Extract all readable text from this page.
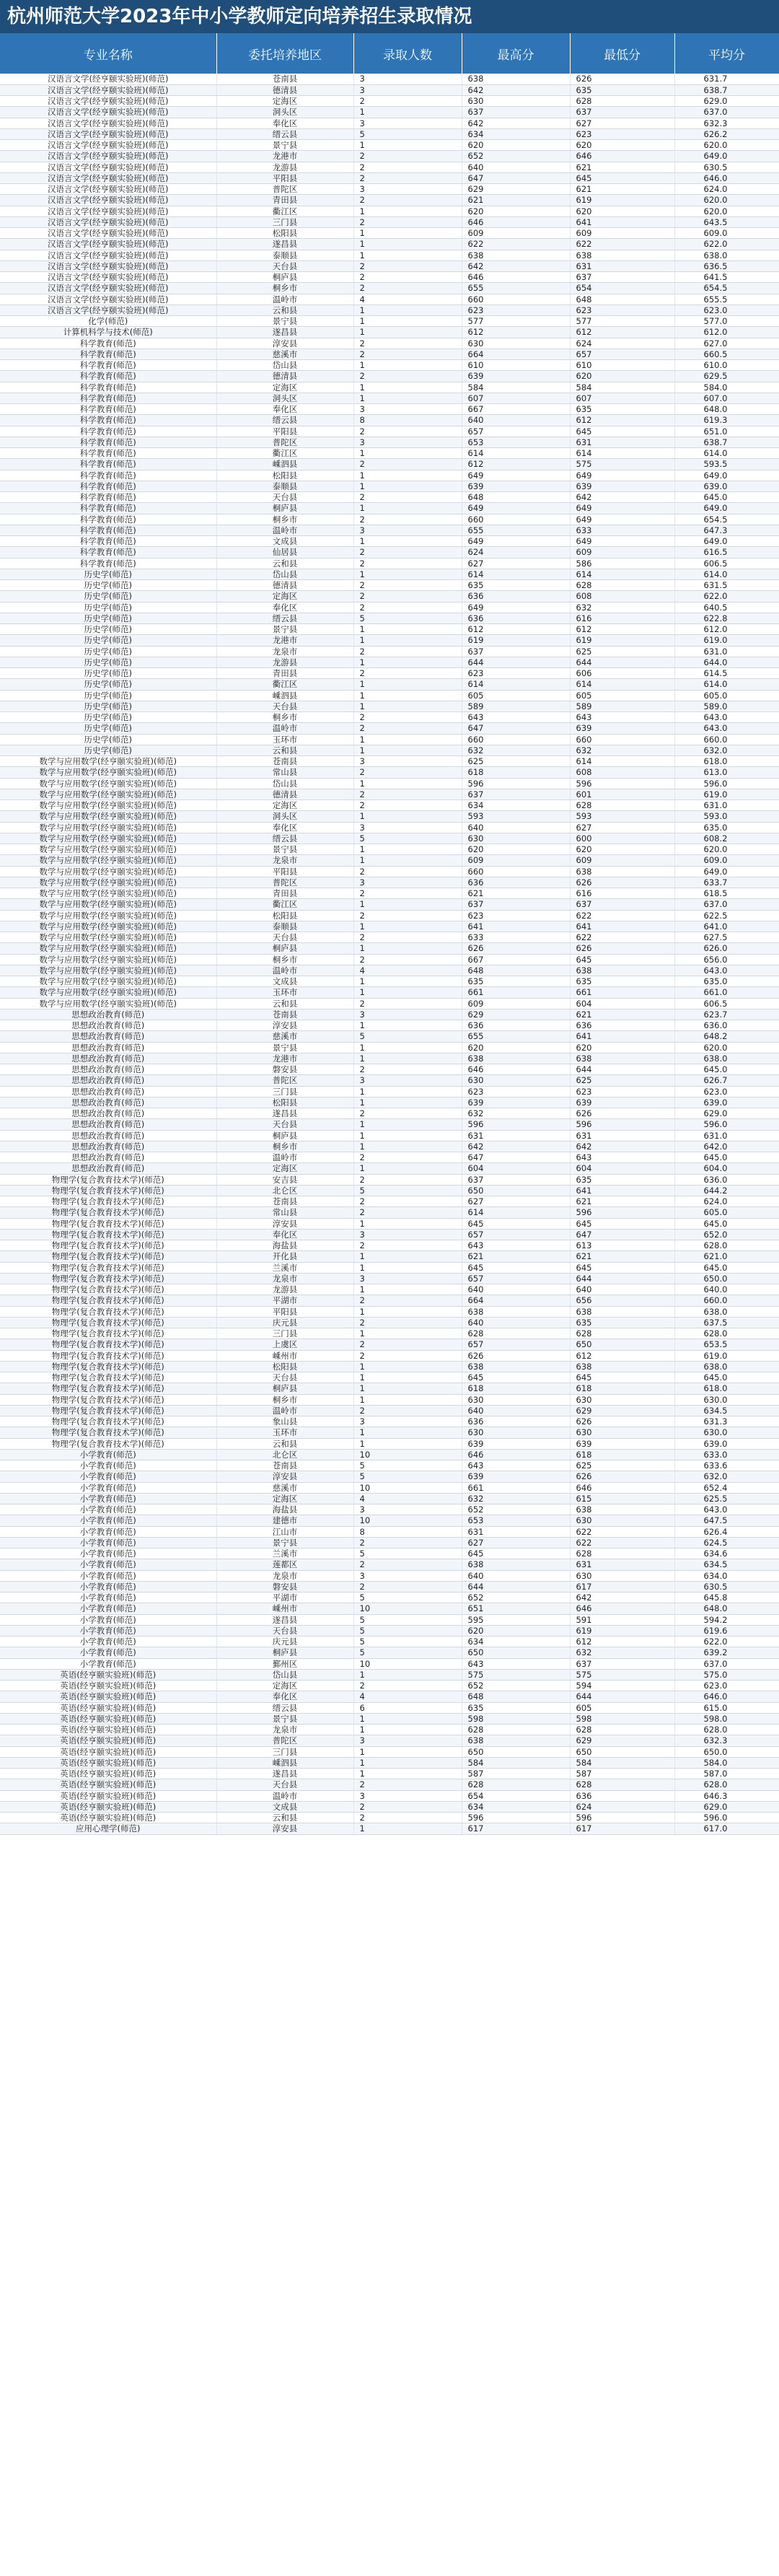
杭州师范大学2023年中小学教师定向培养招生录取情况
专业名称	委托培养地区	录取人数	最高分	最低分	平均分
汉语言文学(经亨颐实验班)(师范)	苍南县	3	638	626	631.7
汉语言文学(经亨颐实验班)(师范)	德清县	3	642	635	638.7
汉语言文学(经亨颐实验班)(师范)	定海区	2	630	628	629.0
汉语言文学(经亨颐实验班)(师范)	洞头区	1	637	637	637.0
汉语言文学(经亨颐实验班)(师范)	奉化区	3	642	627	632.3
汉语言文学(经亨颐实验班)(师范)	缙云县	5	634	623	626.2
汉语言文学(经亨颐实验班)(师范)	景宁县	1	620	620	620.0
汉语言文学(经亨颐实验班)(师范)	龙港市	2	652	646	649.0
汉语言文学(经亨颐实验班)(师范)	龙游县	2	640	621	630.5
汉语言文学(经亨颐实验班)(师范)	平阳县	2	647	645	646.0
汉语言文学(经亨颐实验班)(师范)	普陀区	3	629	621	624.0
汉语言文学(经亨颐实验班)(师范)	青田县	2	621	619	620.0
汉语言文学(经亨颐实验班)(师范)	衢江区	1	620	620	620.0
汉语言文学(经亨颐实验班)(师范)	三门县	2	646	641	643.5
汉语言文学(经亨颐实验班)(师范)	松阳县	1	609	609	609.0
汉语言文学(经亨颐实验班)(师范)	遂昌县	1	622	622	622.0
汉语言文学(经亨颐实验班)(师范)	泰顺县	1	638	638	638.0
汉语言文学(经亨颐实验班)(师范)	天台县	2	642	631	636.5
汉语言文学(经亨颐实验班)(师范)	桐庐县	2	646	637	641.5
汉语言文学(经亨颐实验班)(师范)	桐乡市	2	655	654	654.5
汉语言文学(经亨颐实验班)(师范)	温岭市	4	660	648	655.5
汉语言文学(经亨颐实验班)(师范)	云和县	1	623	623	623.0
化学(师范)	景宁县	1	577	577	577.0
计算机科学与技术(师范)	遂昌县	1	612	612	612.0
科学教育(师范)	淳安县	2	630	624	627.0
科学教育(师范)	慈溪市	2	664	657	660.5
科学教育(师范)	岱山县	1	610	610	610.0
科学教育(师范)	德清县	2	639	620	629.5
科学教育(师范)	定海区	1	584	584	584.0
科学教育(师范)	洞头区	1	607	607	607.0
科学教育(师范)	奉化区	3	667	635	648.0
科学教育(师范)	缙云县	8	640	612	619.3
科学教育(师范)	平阳县	2	657	645	651.0
科学教育(师范)	普陀区	3	653	631	638.7
科学教育(师范)	衢江区	1	614	614	614.0
科学教育(师范)	嵊泗县	2	612	575	593.5
科学教育(师范)	松阳县	1	649	649	649.0
科学教育(师范)	泰顺县	1	639	639	639.0
科学教育(师范)	天台县	2	648	642	645.0
科学教育(师范)	桐庐县	1	649	649	649.0
科学教育(师范)	桐乡市	2	660	649	654.5
科学教育(师范)	温岭市	3	655	633	647.3
科学教育(师范)	文成县	1	649	649	649.0
科学教育(师范)	仙居县	2	624	609	616.5
科学教育(师范)	云和县	2	627	586	606.5
历史学(师范)	岱山县	1	614	614	614.0
历史学(师范)	德清县	2	635	628	631.5
历史学(师范)	定海区	2	636	608	622.0
历史学(师范)	奉化区	2	649	632	640.5
历史学(师范)	缙云县	5	636	616	622.8
历史学(师范)	景宁县	1	612	612	612.0
历史学(师范)	龙港市	1	619	619	619.0
历史学(师范)	龙泉市	2	637	625	631.0
历史学(师范)	龙游县	1	644	644	644.0
历史学(师范)	青田县	2	623	606	614.5
历史学(师范)	衢江区	1	614	614	614.0
历史学(师范)	嵊泗县	1	605	605	605.0
历史学(师范)	天台县	1	589	589	589.0
历史学(师范)	桐乡市	2	643	643	643.0
历史学(师范)	温岭市	2	647	639	643.0
历史学(师范)	玉环市	1	660	660	660.0
历史学(师范)	云和县	1	632	632	632.0
数学与应用数学(经亨颐实验班)(师范)	苍南县	3	625	614	618.0
数学与应用数学(经亨颐实验班)(师范)	常山县	2	618	608	613.0
数学与应用数学(经亨颐实验班)(师范)	岱山县	1	596	596	596.0
数学与应用数学(经亨颐实验班)(师范)	德清县	2	637	601	619.0
数学与应用数学(经亨颐实验班)(师范)	定海区	2	634	628	631.0
数学与应用数学(经亨颐实验班)(师范)	洞头区	1	593	593	593.0
数学与应用数学(经亨颐实验班)(师范)	奉化区	3	640	627	635.0
数学与应用数学(经亨颐实验班)(师范)	缙云县	5	630	600	608.2
数学与应用数学(经亨颐实验班)(师范)	景宁县	1	620	620	620.0
数学与应用数学(经亨颐实验班)(师范)	龙泉市	1	609	609	609.0
数学与应用数学(经亨颐实验班)(师范)	平阳县	2	660	638	649.0
数学与应用数学(经亨颐实验班)(师范)	普陀区	3	636	626	633.7
数学与应用数学(经亨颐实验班)(师范)	青田县	2	621	616	618.5
数学与应用数学(经亨颐实验班)(师范)	衢江区	1	637	637	637.0
数学与应用数学(经亨颐实验班)(师范)	松阳县	2	623	622	622.5
数学与应用数学(经亨颐实验班)(师范)	泰顺县	1	641	641	641.0
数学与应用数学(经亨颐实验班)(师范)	天台县	2	633	622	627.5
数学与应用数学(经亨颐实验班)(师范)	桐庐县	1	626	626	626.0
数学与应用数学(经亨颐实验班)(师范)	桐乡市	2	667	645	656.0
数学与应用数学(经亨颐实验班)(师范)	温岭市	4	648	638	643.0
数学与应用数学(经亨颐实验班)(师范)	文成县	1	635	635	635.0
数学与应用数学(经亨颐实验班)(师范)	玉环市	1	661	661	661.0
数学与应用数学(经亨颐实验班)(师范)	云和县	2	609	604	606.5
思想政治教育(师范)	苍南县	3	629	621	623.7
思想政治教育(师范)	淳安县	1	636	636	636.0
思想政治教育(师范)	慈溪市	5	655	641	648.2
思想政治教育(师范)	景宁县	1	620	620	620.0
思想政治教育(师范)	龙港市	1	638	638	638.0
思想政治教育(师范)	磐安县	2	646	644	645.0
思想政治教育(师范)	普陀区	3	630	625	626.7
思想政治教育(师范)	三门县	1	623	623	623.0
思想政治教育(师范)	松阳县	1	639	639	639.0
思想政治教育(师范)	遂昌县	2	632	626	629.0
思想政治教育(师范)	天台县	1	596	596	596.0
思想政治教育(师范)	桐庐县	1	631	631	631.0
思想政治教育(师范)	桐乡市	1	642	642	642.0
思想政治教育(师范)	温岭市	2	647	643	645.0
思想政治教育(师范)	定海区	1	604	604	604.0
物理学(复合教育技术学)(师范)	安吉县	2	637	635	636.0
物理学(复合教育技术学)(师范)	北仑区	5	650	641	644.2
物理学(复合教育技术学)(师范)	苍南县	2	627	621	624.0
物理学(复合教育技术学)(师范)	常山县	2	614	596	605.0
物理学(复合教育技术学)(师范)	淳安县	1	645	645	645.0
物理学(复合教育技术学)(师范)	奉化区	3	657	647	652.0
物理学(复合教育技术学)(师范)	海盐县	2	643	613	628.0
物理学(复合教育技术学)(师范)	开化县	1	621	621	621.0
物理学(复合教育技术学)(师范)	兰溪市	1	645	645	645.0
物理学(复合教育技术学)(师范)	龙泉市	3	657	644	650.0
物理学(复合教育技术学)(师范)	龙游县	1	640	640	640.0
物理学(复合教育技术学)(师范)	平湖市	2	664	656	660.0
物理学(复合教育技术学)(师范)	平阳县	1	638	638	638.0
物理学(复合教育技术学)(师范)	庆元县	2	640	635	637.5
物理学(复合教育技术学)(师范)	三门县	1	628	628	628.0
物理学(复合教育技术学)(师范)	上虞区	2	657	650	653.5
物理学(复合教育技术学)(师范)	嵊州市	2	626	612	619.0
物理学(复合教育技术学)(师范)	松阳县	1	638	638	638.0
物理学(复合教育技术学)(师范)	天台县	1	645	645	645.0
物理学(复合教育技术学)(师范)	桐庐县	1	618	618	618.0
物理学(复合教育技术学)(师范)	桐乡市	1	630	630	630.0
物理学(复合教育技术学)(师范)	温岭市	2	640	629	634.5
物理学(复合教育技术学)(师范)	象山县	3	636	626	631.3
物理学(复合教育技术学)(师范)	玉环市	1	630	630	630.0
物理学(复合教育技术学)(师范)	云和县	1	639	639	639.0
小学教育(师范)	北仑区	10	646	618	633.0
小学教育(师范)	苍南县	5	643	625	633.6
小学教育(师范)	淳安县	5	639	626	632.0
小学教育(师范)	慈溪市	10	661	646	652.4
小学教育(师范)	定海区	4	632	615	625.5
小学教育(师范)	海盐县	3	652	638	643.0
小学教育(师范)	建德市	10	653	630	647.5
小学教育(师范)	江山市	8	631	622	626.4
小学教育(师范)	景宁县	2	627	622	624.5
小学教育(师范)	兰溪市	5	645	628	634.6
小学教育(师范)	莲都区	2	638	631	634.5
小学教育(师范)	龙泉市	3	640	630	634.0
小学教育(师范)	磐安县	2	644	617	630.5
小学教育(师范)	平湖市	5	652	642	645.8
小学教育(师范)	嵊州市	10	651	646	648.0
小学教育(师范)	遂昌县	5	595	591	594.2
小学教育(师范)	天台县	5	620	619	619.6
小学教育(师范)	庆元县	5	634	612	622.0
小学教育(师范)	桐庐县	5	650	632	639.2
小学教育(师范)	鄞州区	10	643	637	637.0
英语(经亨颐实验班)(师范)	岱山县	1	575	575	575.0
英语(经亨颐实验班)(师范)	定海区	2	652	594	623.0
英语(经亨颐实验班)(师范)	奉化区	4	648	644	646.0
英语(经亨颐实验班)(师范)	缙云县	6	635	605	615.0
英语(经亨颐实验班)(师范)	景宁县	1	598	598	598.0
英语(经亨颐实验班)(师范)	龙泉市	1	628	628	628.0
英语(经亨颐实验班)(师范)	普陀区	3	638	629	632.3
英语(经亨颐实验班)(师范)	三门县	1	650	650	650.0
英语(经亨颐实验班)(师范)	嵊泗县	1	584	584	584.0
英语(经亨颐实验班)(师范)	遂昌县	1	587	587	587.0
英语(经亨颐实验班)(师范)	天台县	2	628	628	628.0
英语(经亨颐实验班)(师范)	温岭市	3	654	636	646.3
英语(经亨颐实验班)(师范)	文成县	2	634	624	629.0
英语(经亨颐实验班)(师范)	云和县	2	596	596	596.0
应用心理学(师范)	淳安县	1	617	617	617.0
